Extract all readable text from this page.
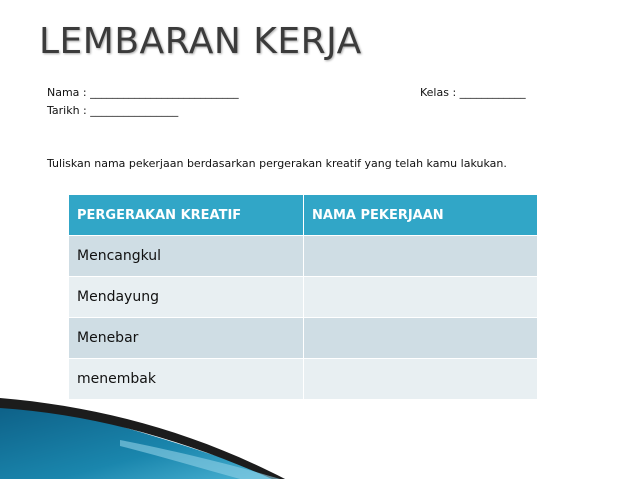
LEMBARAN KERJA
Nama : ___________________________	Kelas : ____________
Tarikh : ________________
Tuliskan nama pekerjaan berdasarkan pergerakan kreatif yang telah kamu lakukan.
PERGERAKAN KREATIF	NAMA PEKERJAAN
Mencangkul	
Mendayung	
Menebar	
menembak	
